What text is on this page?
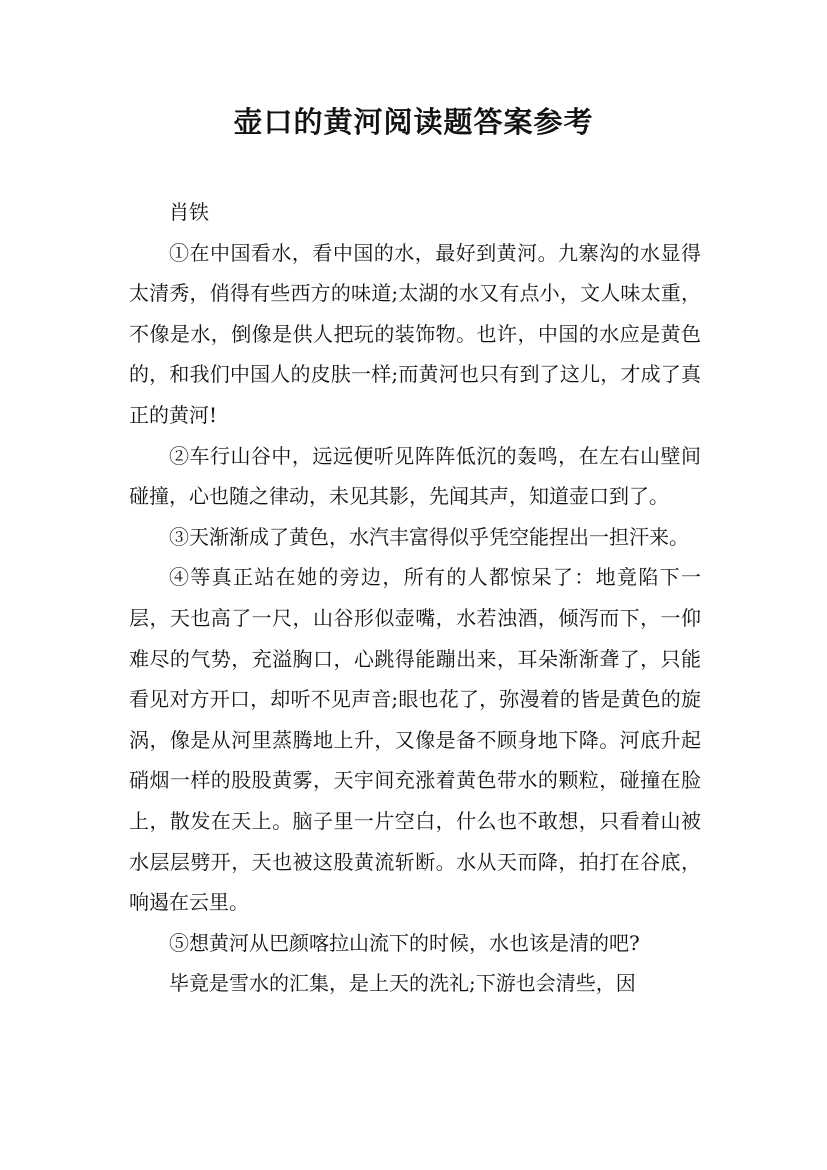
壶口的黄河阅读题答案参考

肖铁

①在中国看水，看中国的水，最好到黄河。九寨沟的水显得太清秀，俏得有些西方的味道;太湖的水又有点小，文人味太重，不像是水，倒像是供人把玩的装饰物。也许，中国的水应是黄色的，和我们中国人的皮肤一样;而黄河也只有到了这儿，才成了真正的黄河!

②车行山谷中，远远便听见阵阵低沉的轰鸣，在左右山壁间碰撞，心也随之律动，未见其影，先闻其声，知道壶口到了。

③天渐渐成了黄色，水汽丰富得似乎凭空能捏出一担汗来。

④等真正站在她的旁边，所有的人都惊呆了：地竟陷下一层，天也高了一尺，山谷形似壶嘴，水若浊酒，倾泻而下，一仰难尽的气势，充溢胸口，心跳得能蹦出来，耳朵渐渐聋了，只能看见对方开口，却听不见声音;眼也花了，弥漫着的皆是黄色的旋涡，像是从河里蒸腾地上升，又像是备不顾身地下降。河底升起硝烟一样的股股黄雾，天宇间充涨着黄色带水的颗粒，碰撞在脸上，散发在天上。脑子里一片空白，什么也不敢想，只看着山被水层层劈开，天也被这股黄流斩断。水从天而降，拍打在谷底，响遏在云里。

⑤想黄河从巴颜喀拉山流下的时候，水也该是清的吧?

毕竟是雪水的汇集，是上天的洗礼;下游也会清些，因
